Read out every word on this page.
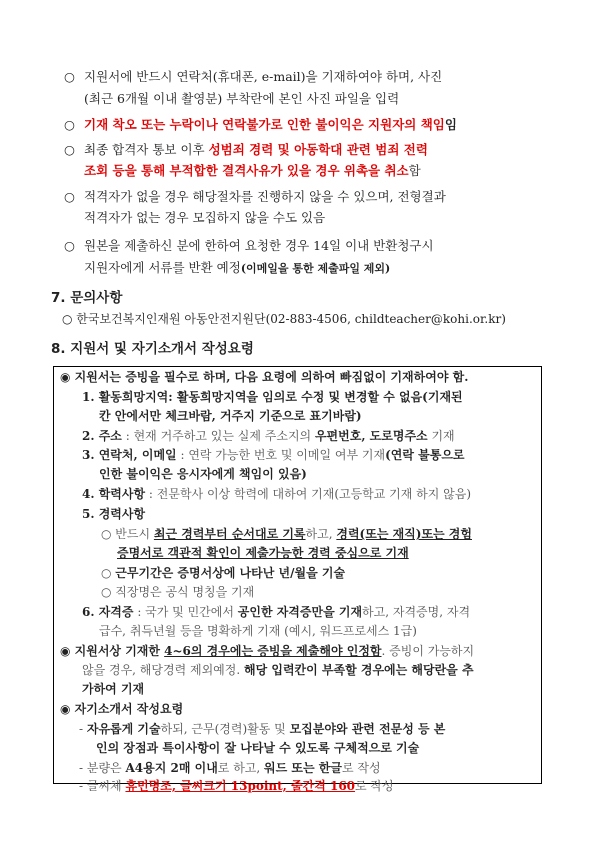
○ 지원서에 반드시 연락처(휴대폰, e-mail)을 기재하여야 하며, 사진
(최근 6개월 이내 촬영분) 부착란에 본인 사진 파일을 입력
○ 기재 착오 또는 누락이나 연락불가로 인한 불이익은 지원자의 책임임
○ 최종 합격자 통보 이후 성범죄 경력 및 아동학대 관련 범죄 전력
조회 등을 통해 부적합한 결격사유가 있을 경우 위촉을 취소함
○ 적격자가 없을 경우 해당절차를 진행하지 않을 수 있으며, 전형결과
적격자가 없는 경우 모집하지 않을 수도 있음
○ 원본을 제출하신 분에 한하여 요청한 경우 14일 이내 반환청구시
지원자에게 서류를 반환 예정(이메일을 통한 제출파일 제외)
7. 문의사항
○ 한국보건복지인재원 아동안전지원단(02-883-4506, childteacher@kohi.or.kr)
8. 지원서 및 자기소개서 작성요령
◉ 지원서는 증빙을 필수로 하며, 다음 요령에 의하여 빠짐없이 기재하여야 함.
1. 활동희망지역: 활동희망지역을 임의로 수정 및 변경할 수 없음(기재된
칸 안에서만 체크바람, 거주지 기준으로 표기바람)
2. 주소 : 현재 거주하고 있는 실제 주소지의 우편번호, 도로명주소 기재
3. 연락처, 이메일 : 연락 가능한 번호 및 이메일 여부 기재(연락 불통으로
인한 불이익은 응시자에게 책임이 있음)
4. 학력사항 : 전문학사 이상 학력에 대하여 기재(고등학교 기재 하지 않음)
5. 경력사항
○ 반드시 최근 경력부터 순서대로 기록하고, 경력(또는 재직)또는 경험
증명서로 객관적 확인이 제출가능한 경력 중심으로 기재
○ 근무기간은 증명서상에 나타난 년/월을 기술
○ 직장명은 공식 명칭을 기재
6. 자격증 : 국가 및 민간에서 공인한 자격증만을 기재하고, 자격증명, 자격
급수, 취득년월 등을 명확하게 기재 (예시, 워드프로세스 1급)
◉ 지원서상 기재한 4~6의 경우에는 증빙을 제출해야 인정함. 증빙이 가능하지
않을 경우, 해당경력 제외예정. 해당 입력칸이 부족할 경우에는 해당란을 추
가하여 기재
◉ 자기소개서 작성요령
- 자유롭게 기술하되, 근무(경력)활동 및 모집분야와 관련 전문성 등 본
인의 장점과 특이사항이 잘 나타날 수 있도록 구체적으로 기술
- 분량은 A4용지 2매 이내로 하고, 워드 또는 한글로 작성
- 글씨체 휴먼명조, 글씨크기 13point, 줄간격 160로 작성
